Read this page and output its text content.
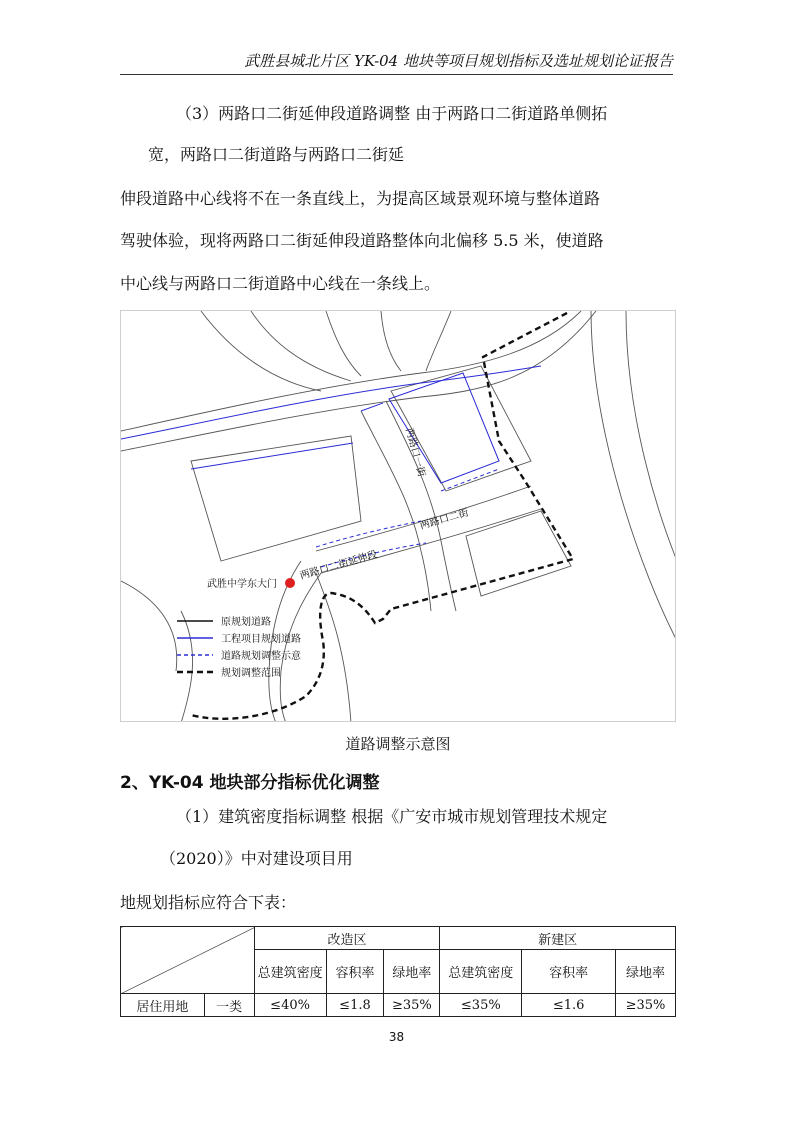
武胜县城北片区 YK-04 地块等项目规划指标及选址规划论证报告
（3）两路口二街延伸段道路调整 由于两路口二街道路单侧拓
宽，两路口二街道路与两路口二街延
伸段道路中心线将不在一条直线上，为提高区域景观环境与整体道路
驾驶体验，现将两路口二街延伸段道路整体向北偏移 5.5 米，使道路
中心线与两路口二街道路中心线在一条线上。
两路口一街
两路口二街
两路口二街延伸段
武胜中学东大门
原规划道路
工程项目规划道路
道路规划调整示意
规划调整范围
道路调整示意图
2、YK-04 地块部分指标优化调整
（1）建筑密度指标调整 根据《广安市城市规划管理技术规定
（2020）》中对建设项目用
地规划指标应符合下表：
		改造区			新建区		
		总建筑密度	容积率	绿地率	总建筑密度	容积率	绿地率
居住用地	一类	≤40%	≤1.8	≥35%	≤35%	≤1.6	≥35%
38
